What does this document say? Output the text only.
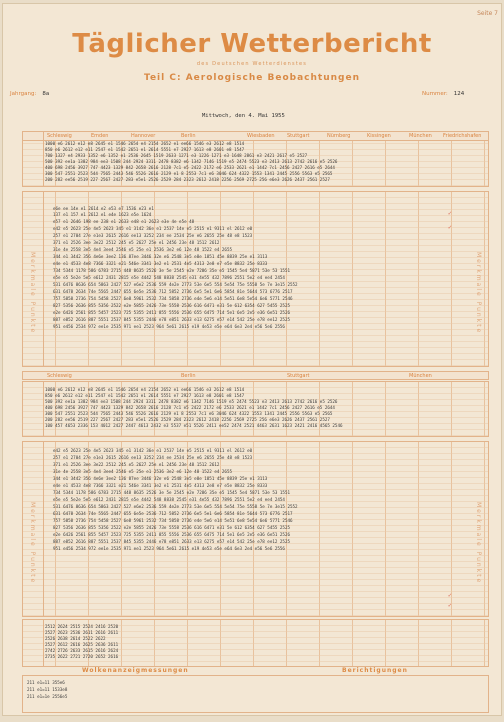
Seite 7
Täglicher Wetterbericht
des Deutschen Wetterdienstes
Teil C: Aerologische Beobachtungen
Jahrgang: 8a	Nummer: 124
Mittwoch, den 4. Mai 1955
Schleswig	Emden	Hannover	Berlin	Wiesbaden Stuttgart	Nürnberg	Kissingen	München Friedrichshafen
1000 e6 2612 e12 e8 2645 e1 1546 2654 e4 2154 2652 e1 ee66 1546 e3 2612 e8 1514
850 e6 2612 e12 e11 2547 e1 1542 2651 e1 2614 5551 e7 2927 1613 e8 2601 e8 1547
700 1327 e4 2933 1352 e6 1352 e1 2536 2645 1519 2633 1271 e3 1226 1271 e3 1648 2861 e3 2421 2617 e5 2527
500 392 ee1a 1382 984 ee3 1508 244 2924 3311 2478 8382 e6 1342 7146 1519 e5 2474 5523 e3 2413 2613 2742 2616 e5 2526
400 698 2456 3927 747 4423 1329 842 2658 2616 2128 7c1 e5 2422 2172 e6 2533 2621 e1 1442 7c1 2456 2427 2616 e5 2644
300 547 2551 2523 544 7565 2443 546 5526 2616 2129 e1 8 2553 7c1 e6 3046 624 4322 1553 1341 2445 2556 5563 e5 2565
200 282 ee56 2519 227 2567 2427 283 e5e1 2526 2529 284 2323 2612 2418 2256 2569 2725 256 e6e3 2626 2437 2561 2527
Merkmale Punkte	Merkmale Punkte
e6e ee 14e e1 2614 e2 e53 e7 1536 e23 e1
137 e1 157 e1 2612 e1 e4e 1623 e5e 1624
e57 e1 2646 198 ee 238 e1 2633 e48 e1 2623 e3e 4e e5e 48
e42 e5 2623 25e 4e5 2623 345 e1 3142 36e e1 2537 14e e5 2515 e1 9311 el 2612 e0
257 e1 2704 27e e1e3 2615 2616 ee13 3252 234 ee 2534 25e e6 2655 25e 48 e8 1523
371 e1 2526 3ee 3e22 2512 245 e5 2627 25e e1 2456 23e 48 1512 2612
31e 4e 2558 3e5 4e4 3ee4 2546 e5 25e e1 2536 3e2 e6 12e 48 1522 e4 2655
344 e1 3442 356 4e6e 3ee2 136 87ee 3446 32e e6 2548 3e5 e8e 1851 45e 8839 25e e1 3113
e4e e1 4533 4e8 7366 3321 e21 546e 3341 3e2 e1 2531 4e5 4313 2e8 e7 e5e 8832 25e 8333
734 5344 1178 586 6783 2715 448 8635 2526 3e 5e 2545 e2e 7286 35e e5 1545 5e4 5871 53e 53 1551
e5e e5 5e2e 5e5 e612 2431 2815 e5e 4442 548 8838 2545 e31 4e55 432 7896 2551 5e2 e4 ee4 2454
531 6476 8636 654 5863 2427 527 e6e2 2536 559 4e2e 2773 53e 6e5 554 5e54 75e 5558 5e 7e 3e15 2552
631 6478 2634 74e 5565 2447 655 6e5e 2536 712 5852 2736 6e5 5e1 6e6 5854 81e 5644 573 6776 2517
757 5858 2736 754 5458 2527 6e8 5961 2532 734 5858 2736 e4e 5e6 e14 5e51 6e8 5e54 6e6 5771 2546
827 5356 2636 855 5356 2522 e2e 5855 2426 73e 5558 2536 616 6471 e31 5e 612 6354 627 5455 2525
e2e 6426 2561 855 5457 2523 725 5355 2411 855 5556 2536 655 6475 714 5e1 6e5 2e5 e36 6e51 2526
887 e852 2616 887 5551 2537 845 5355 2446 e78 e851 2633 e13 6275 e57 e14 542 25e e78 ee12 2525
951 e456 2534 972 ee1e 2535 971 ee1 2523 964 5e61 2615 e19 4e53 e5e e64 6e3 2e4 e56 5e6 2556
✓
✓
Schleswig	Berlin	Stuttgart	München
1000 e6 2612 e12 e8 2645 e1 1546 2654 e4 2154 2652 e1 ee66 1546 e3 2612 e8 1514
850 e6 2612 e12 e11 2547 e1 1542 2651 e1 2614 5551 e7 2927 1613 e8 2601 e8 1547
500 392 ee1a 1382 984 ee3 1508 244 2924 3311 2478 8382 e6 1342 7146 1519 e5 2474 5523 e3 2413 2613 2742 2616 e5 2526
400 698 2456 3927 747 4423 1329 842 2658 2616 2128 7c1 e5 2422 2172 e6 2533 2621 e1 1442 7c1 2456 2427 2616 e5 2644
300 547 2551 2523 544 7565 2443 546 5526 2616 2129 e1 8 2553 7c1 e6 3046 624 4322 1553 1341 2445 2556 5563 e5 2565
200 282 ee56 2519 227 2567 2427 283 e5e1 2526 2529 284 2323 2612 2418 2256 2569 2725 256 e6e3 2626 2437 2561 2527
100 457 4653 2336 153 4012 2427 2447 4613 2432 e3 5537 e51 5526 2411 ee52 2474 2521 4463 2631 1623 2421 2416 4565 2546
Merkmale Punkte	Merkmale Punkte
e42 e5 2623 25e 4e5 2623 345 e1 3142 36e e1 2537 14e e5 2515 e1 9311 el 2612 e0
257 e1 2704 27e e1e3 2615 2616 ee13 3252 234 ee 2534 25e e6 2655 25e 48 e8 1523
371 e1 2526 3ee 3e22 2512 245 e5 2627 25e e1 2456 23e 48 1512 2612
31e 4e 2558 3e5 4e4 3ee4 2546 e5 25e e1 2536 3e2 e6 12e 48 1522 e4 2655
344 e1 3442 356 4e6e 3ee2 136 87ee 3446 32e e6 2548 3e5 e8e 1851 45e 8839 25e e1 3113
e4e e1 4533 4e8 7366 3321 e21 546e 3341 3e2 e1 2531 4e5 4313 2e8 e7 e5e 8832 25e 8333
734 5344 1178 586 6783 2715 448 8635 2526 3e 5e 2545 e2e 7286 35e e5 1545 5e4 5871 53e 53 1551
e5e e5 5e2e 5e5 e612 2431 2815 e5e 4442 548 8838 2545 e31 4e55 432 7896 2551 5e2 e4 ee4 2454
531 6476 8636 654 5863 2427 527 e6e2 2536 559 4e2e 2773 53e 6e5 554 5e54 75e 5558 5e 7e 3e15 2552
631 6478 2634 74e 5565 2447 655 6e5e 2536 712 5852 2736 6e5 5e1 6e6 5854 81e 5644 573 6776 2517
757 5858 2736 754 5458 2527 6e8 5961 2532 734 5858 2736 e4e 5e6 e14 5e51 6e8 5e54 6e6 5771 2546
827 5356 2636 855 5356 2522 e2e 5855 2426 73e 5558 2536 616 6471 e31 5e 612 6354 627 5455 2525
e2e 6426 2561 855 5457 2523 725 5355 2411 855 5556 2536 655 6475 714 5e1 6e5 2e5 e36 6e51 2526
887 e852 2616 887 5551 2537 845 5355 2446 e78 e851 2633 e13 6275 e57 e14 542 25e e78 ee12 2525
951 e456 2534 972 ee1e 2535 971 ee1 2523 964 5e61 2615 e19 4e53 e5e e64 6e3 2e4 e56 5e6 2556
✓
✓
2512 2624 2515 2524 2416 2520
2527 2623 2536 2611 2616 2611
2526 2638 2614 2522 2622
2527 2612 2616 2625 2636 2611
2742 2726 2633 2615 2616 2624
2735 2622 2721 2720 2652 2616
Wolkenanzeigmessungen	Berichtigungen
211 e1=11 355e6
211 e1=11 1533e8
211 e1=1e 2556e5
